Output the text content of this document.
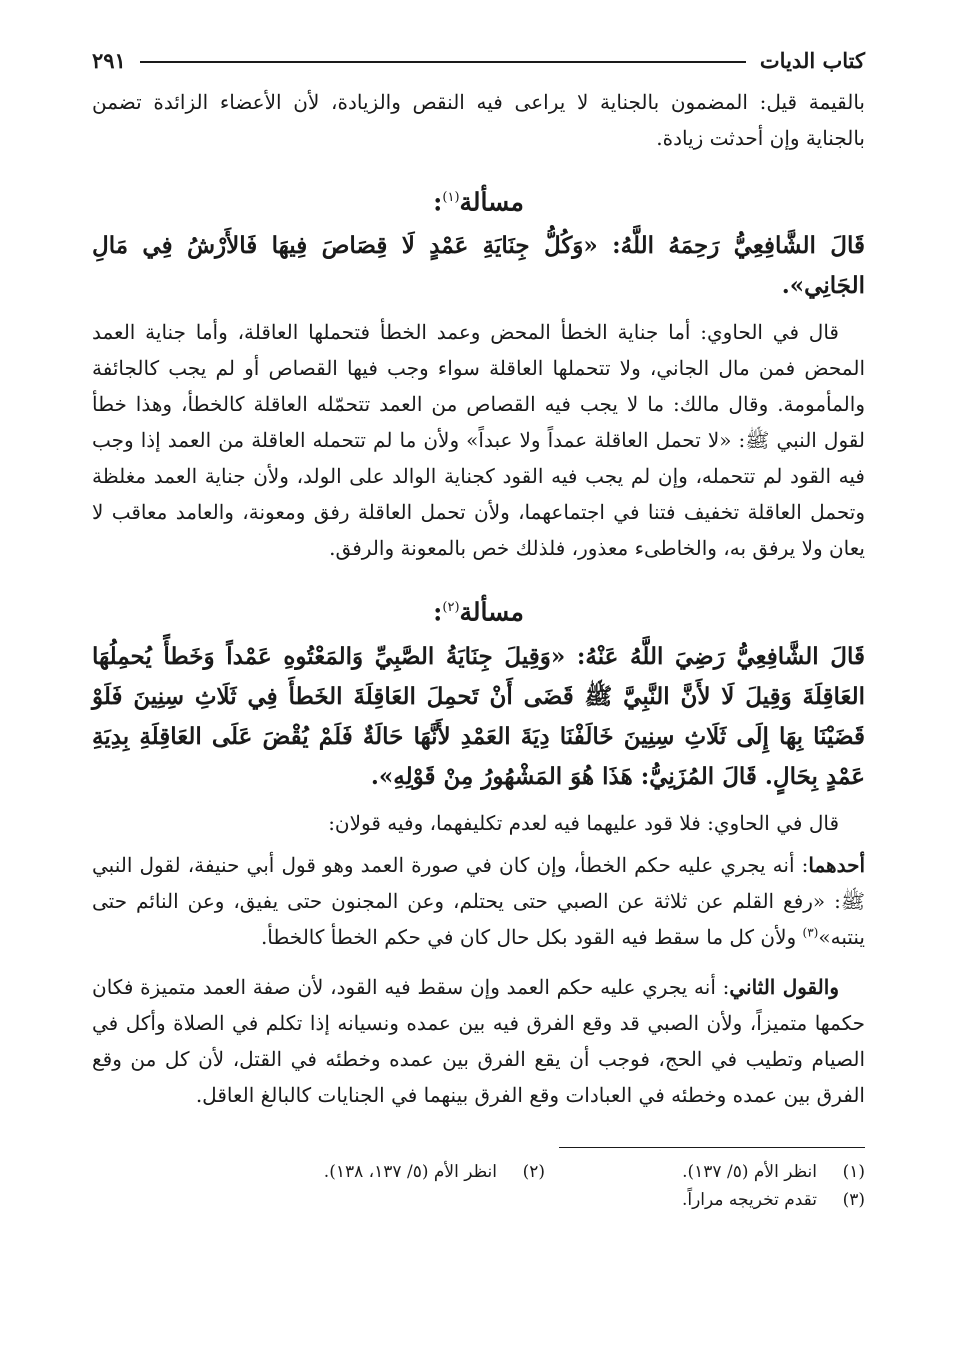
كتاب الديات
٢٩١

بالقيمة قيل: المضمون بالجناية لا يراعى فيه النقص والزيادة، لأن الأعضاء الزائدة تضمن بالجناية وإن أحدثت زيادة.

مسألة$^{(١)}$:

قَالَ الشَّافِعِيُّ رَحِمَهُ اللَّهُ: «وَكُلُّ جِنَايَةِ عَمْدٍ لَا قِصَاصَ فِيهَا فَالأَرْشُ فِي مَالِ الجَانِي».

قال في الحاوي: أما جناية الخطأ المحض وعمد الخطأ فتحملها العاقلة، وأما جناية العمد المحض فمن مال الجاني، ولا تتحملها العاقلة سواء وجب فيها القصاص أو لم يجب كالجائفة والمأمومة. وقال مالك: ما لا يجب فيه القصاص من العمد تتحمّله العاقلة كالخطأ، وهذا خطأ لقول النبي ﷺ: «لا تحمل العاقلة عمداً ولا عبداً» ولأن ما لم تتحمله العاقلة من العمد إذا وجب فيه القود لم تتحمله، وإن لم يجب فيه القود كجناية الوالد على الولد، ولأن جناية العمد مغلظة وتحمل العاقلة تخفيف فتنا في اجتماعهما، ولأن تحمل العاقلة رفق ومعونة، والعامد معاقب لا يعان ولا يرفق به، والخاطىء معذور، فلذلك خص بالمعونة والرفق.

مسألة$^{(٢)}$:

قَالَ الشَّافِعِيُّ رَضِيَ اللَّهُ عَنْهُ: «وَقِيلَ جِنَايَةُ الصَّبِيِّ وَالمَعْتُوهِ عَمْداً وَخَطأً يُحمِلُهَا العَاقِلَةَ وَقِيلَ لَا لأَنَّ النَّبِيَّ ﷺ قَضَى أَنْ تَحمِلَ العَاقِلَةَ الخَطأَ فِي ثَلَاثِ سِنِينَ فَلَوْ قَضَيْنَا بِهَا إِلَى ثَلَاثِ سِنِينَ خَالَفْنَا دِيَةَ العَمْدِ لأَنَّهَا حَالَةٌ فَلَمْ يُقْضَ عَلَى العَاقِلَةِ بِدِيَةِ عَمْدٍ بِحَالٍ. قَالَ المُزَنِيُّ: هَذَا هُوَ المَشْهُورُ مِنْ قَوْلِهِ».

قال في الحاوي: فلا قود عليهما فيه لعدم تكليفهما، وفيه قولان:

أحدهما: أنه يجري عليه حكم الخطأ، وإن كان في صورة العمد وهو قول أبي حنيفة، لقول النبي ﷺ: «رفع القلم عن ثلاثة عن الصبي حتى يحتلم، وعن المجنون حتى يفيق، وعن النائم حتى ينتبه»$^{(٣)}$ ولأن كل ما سقط فيه القود بكل حال كان في حكم الخطأ كالخطأ.

والقول الثاني: أنه يجري عليه حكم العمد وإن سقط فيه القود، لأن صفة العمد متميزة فكان حكمها متميزاً، ولأن الصبي قد وقع الفرق فيه بين عمده ونسيانه إذا تكلم في الصلاة وأكل في الصيام وتطيب في الحج، فوجب أن يقع الفرق بين عمده وخطئه في القتل، لأن كل من وقع الفرق بين عمده وخطئه في العبادات وقع الفرق بينهما في الجنايات كالبالغ العاقل.

(١)
انظر الأم (٥/ ١٣٧).
(٢)
انظر الأم (٥/ ١٣٧، ١٣٨).
(٣)
تقدم تخريجه مراراً.
